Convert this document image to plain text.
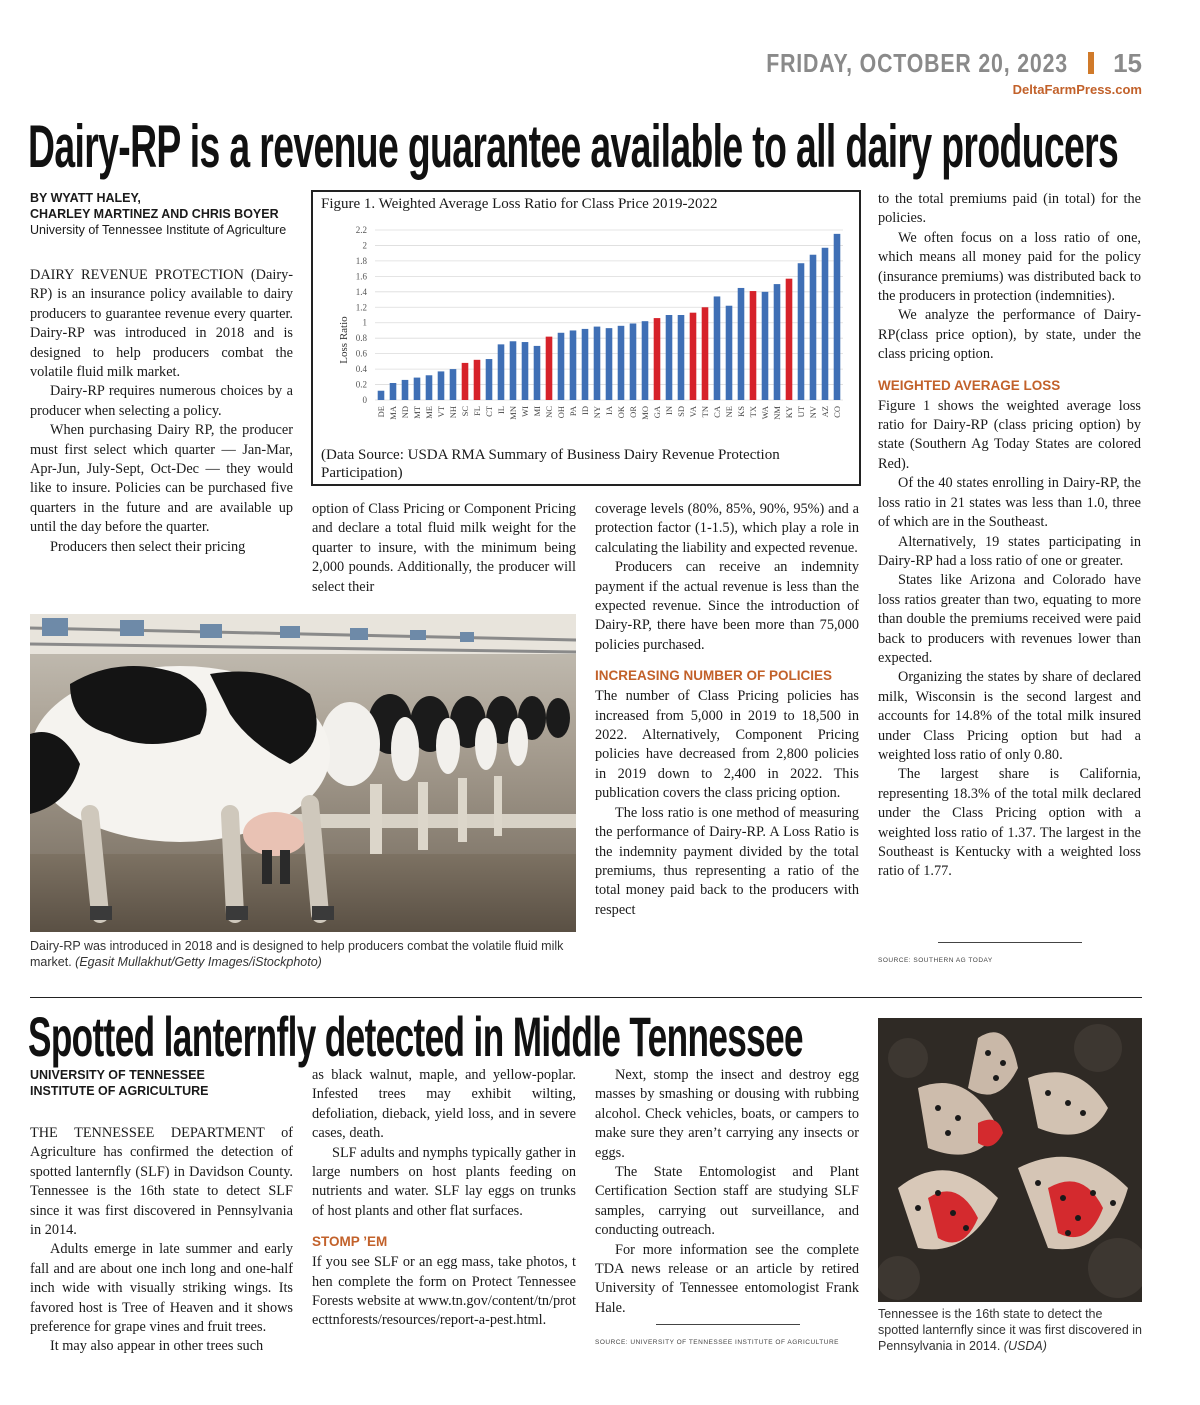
FRIDAY, OCTOBER 20, 2023 15
DeltaFarmPress.com
Dairy-RP is a revenue guarantee available to all dairy producers
BY WYATT HALEY,
CHARLEY MARTINEZ AND CHRIS BOYER
University of Tennessee Institute of Agriculture

DAIRY REVENUE PROTECTION (Dairy-RP) is an insurance policy available to dairy producers to guarantee revenue every quarter. Dairy-RP was introduced in 2018 and is designed to help producers combat the volatile fluid milk market.

Dairy-RP requires numerous choices by a producer when selecting a policy.

When purchasing Dairy RP, the producer must first select which quarter — Jan-Mar, Apr-Jun, July-Sept, Oct-Dec — they would like to insure. Policies can be purchased five quarters in the future and are available up until the day before the quarter.

Producers then select their pricing

Figure 1. Weighted Average Loss Ratio for Class Price 2019-2022
0
0.2
0.4
0.6
0.8
1
1.2
1.4
1.6
1.8
2
2.2
DE MA ND MT ME VT NH SC FL CT IL MN WI MI NC OH PA ID NY IA OK OR MO GA IN SD VA TN CA NE KS TX WA NM KY UT NV AZ CO
Loss Ratio
(Data Source: USDA RMA Summary of Business Dairy Revenue Protection Participation)

option of Class Pricing or Component Pricing and declare a total fluid milk weight for the quarter to insure, with the minimum being 2,000 pounds. Additionally, the producer will select their

Dairy-RP was introduced in 2018 and is designed to help producers combat the volatile fluid milk market. (Egasit Mullakhut/Getty Images/iStockphoto)

coverage levels (80%, 85%, 90%, 95%) and a protection factor (1-1.5), which play a role in calculating the liability and expected revenue.

Producers can receive an indemnity payment if the actual revenue is less than the expected revenue. Since the introduction of Dairy-RP, there have been more than 75,000 policies purchased.

INCREASING NUMBER OF POLICIES

The number of Class Pricing policies has increased from 5,000 in 2019 to 18,500 in 2022. Alternatively, Component Pricing policies have decreased from 2,800 policies in 2019 down to 2,400 in 2022. This publication covers the class pricing option.

The loss ratio is one method of measuring the performance of Dairy-RP. A Loss Ratio is the indemnity payment divided by the total premiums, thus representing a ratio of the total money paid back to the producers with respect

to the total premiums paid (in total) for the policies.

We often focus on a loss ratio of one, which means all money paid for the policy (insurance premiums) was distributed back to the producers in protection (indemnities).

We analyze the performance of Dairy-RP(class price option), by state, under the class pricing option.

WEIGHTED AVERAGE LOSS

Figure 1 shows the weighted average loss ratio for Dairy-RP (class pricing option) by state (Southern Ag Today States are colored Red).

Of the 40 states enrolling in Dairy-RP, the loss ratio in 21 states was less than 1.0, three of which are in the Southeast.

Alternatively, 19 states participating in Dairy-RP had a loss ratio of one or greater.

States like Arizona and Colorado have loss ratios greater than two, equating to more than double the premiums received were paid back to producers with revenues lower than expected.

Organizing the states by share of declared milk, Wisconsin is the second largest and accounts for 14.8% of the total milk insured under Class Pricing option but had a weighted loss ratio of only 0.80.

The largest share is California, representing 18.3% of the total milk declared under the Class Pricing option with a weighted loss ratio of 1.37. The largest in the Southeast is Kentucky with a weighted loss ratio of 1.77.

SOURCE: SOUTHERN AG TODAY
Spotted lanternfly detected in Middle Tennessee
UNIVERSITY OF TENNESSEE
INSTITUTE OF AGRICULTURE

THE TENNESSEE DEPARTMENT of Agriculture has confirmed the detection of spotted lanternfly (SLF) in Davidson County. Tennessee is the 16th state to detect SLF since it was first discovered in Pennsylvania in 2014.

Adults emerge in late summer and early fall and are about one inch long and one-half inch wide with visually striking wings. Its favored host is Tree of Heaven and it shows preference for grape vines and fruit trees.

It may also appear in other trees such

as black walnut, maple, and yellow-poplar. Infested trees may exhibit wilting, defoliation, dieback, yield loss, and in severe cases, death.

SLF adults and nymphs typically gather in large numbers on host plants feeding on nutrients and water. SLF lay eggs on trunks of host plants and other flat surfaces.

STOMP ’EM

If you see SLF or an egg mass, take photos, then complete the form on Protect Tennessee Forests website at www.tn.gov/content/tn/protecttnforests/resources/report-a-pest.html.

Next, stomp the insect and destroy egg masses by smashing or dousing with rubbing alcohol. Check vehicles, boats, or campers to make sure they aren’t carrying any insects or eggs.

The State Entomologist and Plant Certification Section staff are studying SLF samples, carrying out surveillance, and conducting outreach.

For more information see the complete TDA news release or an article by retired University of Tennessee entomologist Frank Hale.

SOURCE: UNIVERSITY OF TENNESSEE INSTITUTE OF AGRICULTURE
Tennessee is the 16th state to detect the spotted lanternfly since it was first discovered in Pennsylvania in 2014. (USDA)
